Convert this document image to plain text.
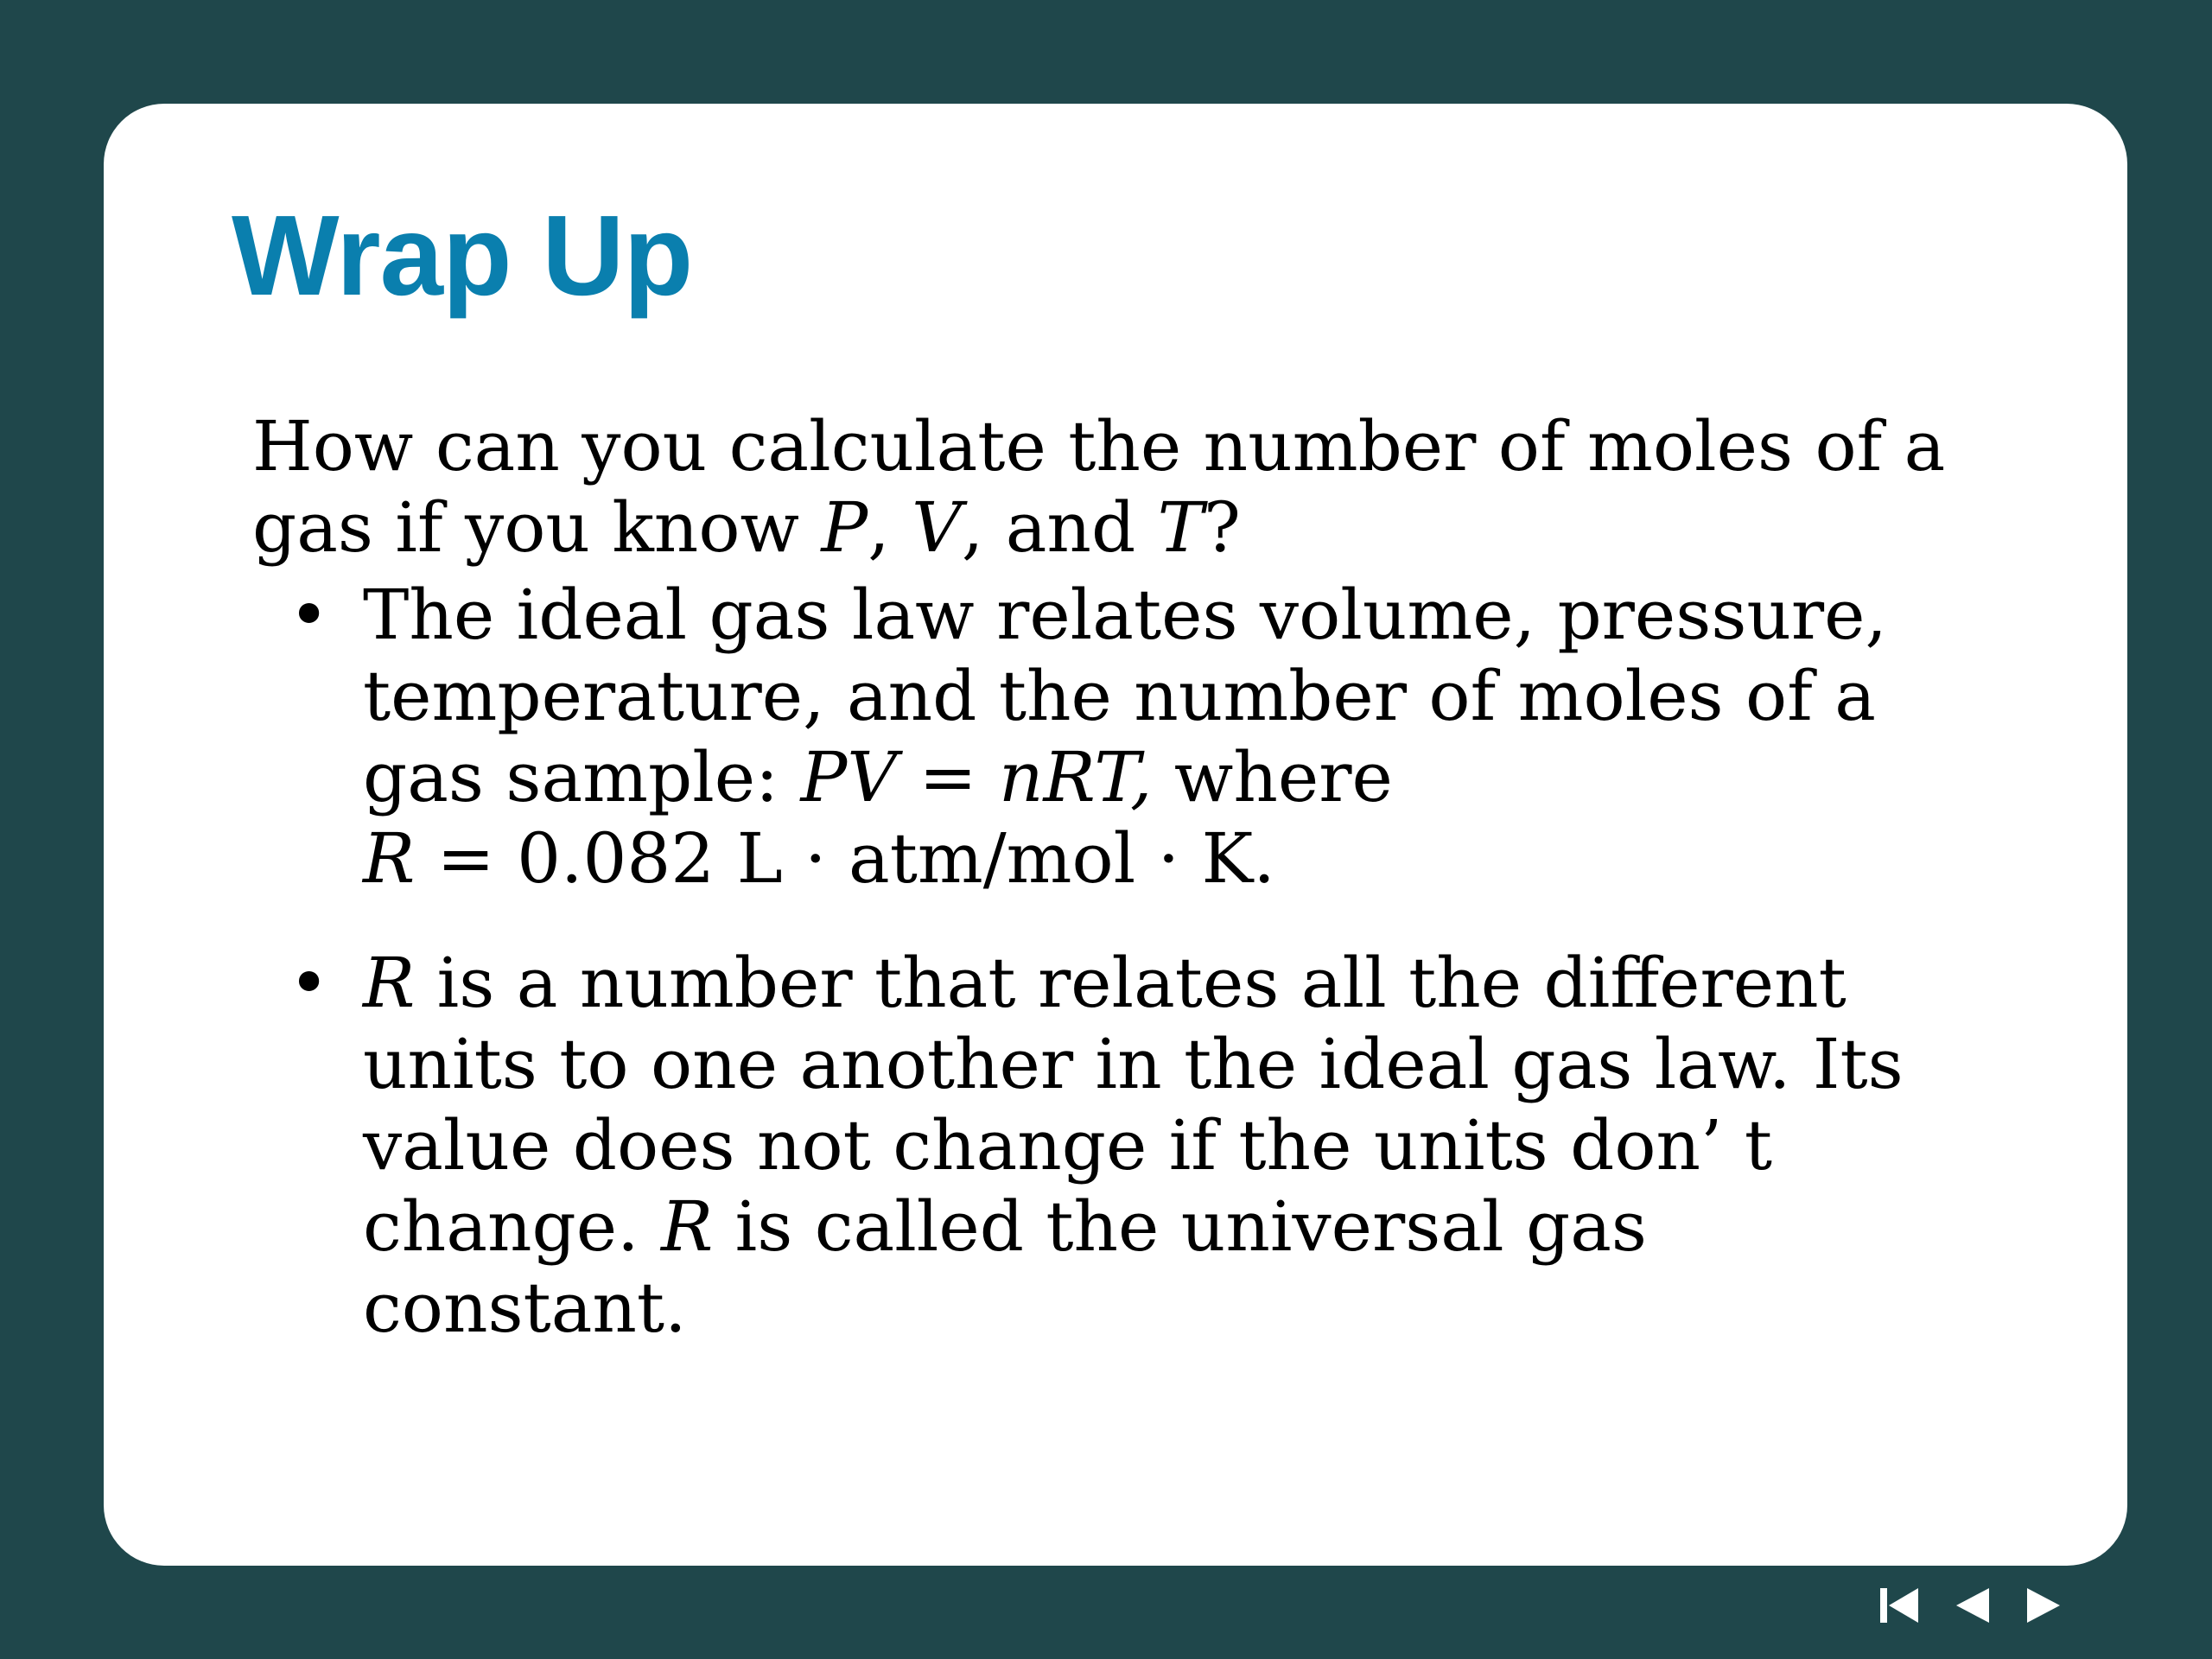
Wrap Up

How can you calculate the number of moles of a gas if you know P, V, and T?

• The ideal gas law relates volume, pressure, temperature, and the number of moles of a gas sample: PV = nRT, where
R = 0.082 L · atm/mol · K.
• R is a number that relates all the different units to one another in the ideal gas law. Its value does not change if the units don’ t change. R is called the universal gas constant.
